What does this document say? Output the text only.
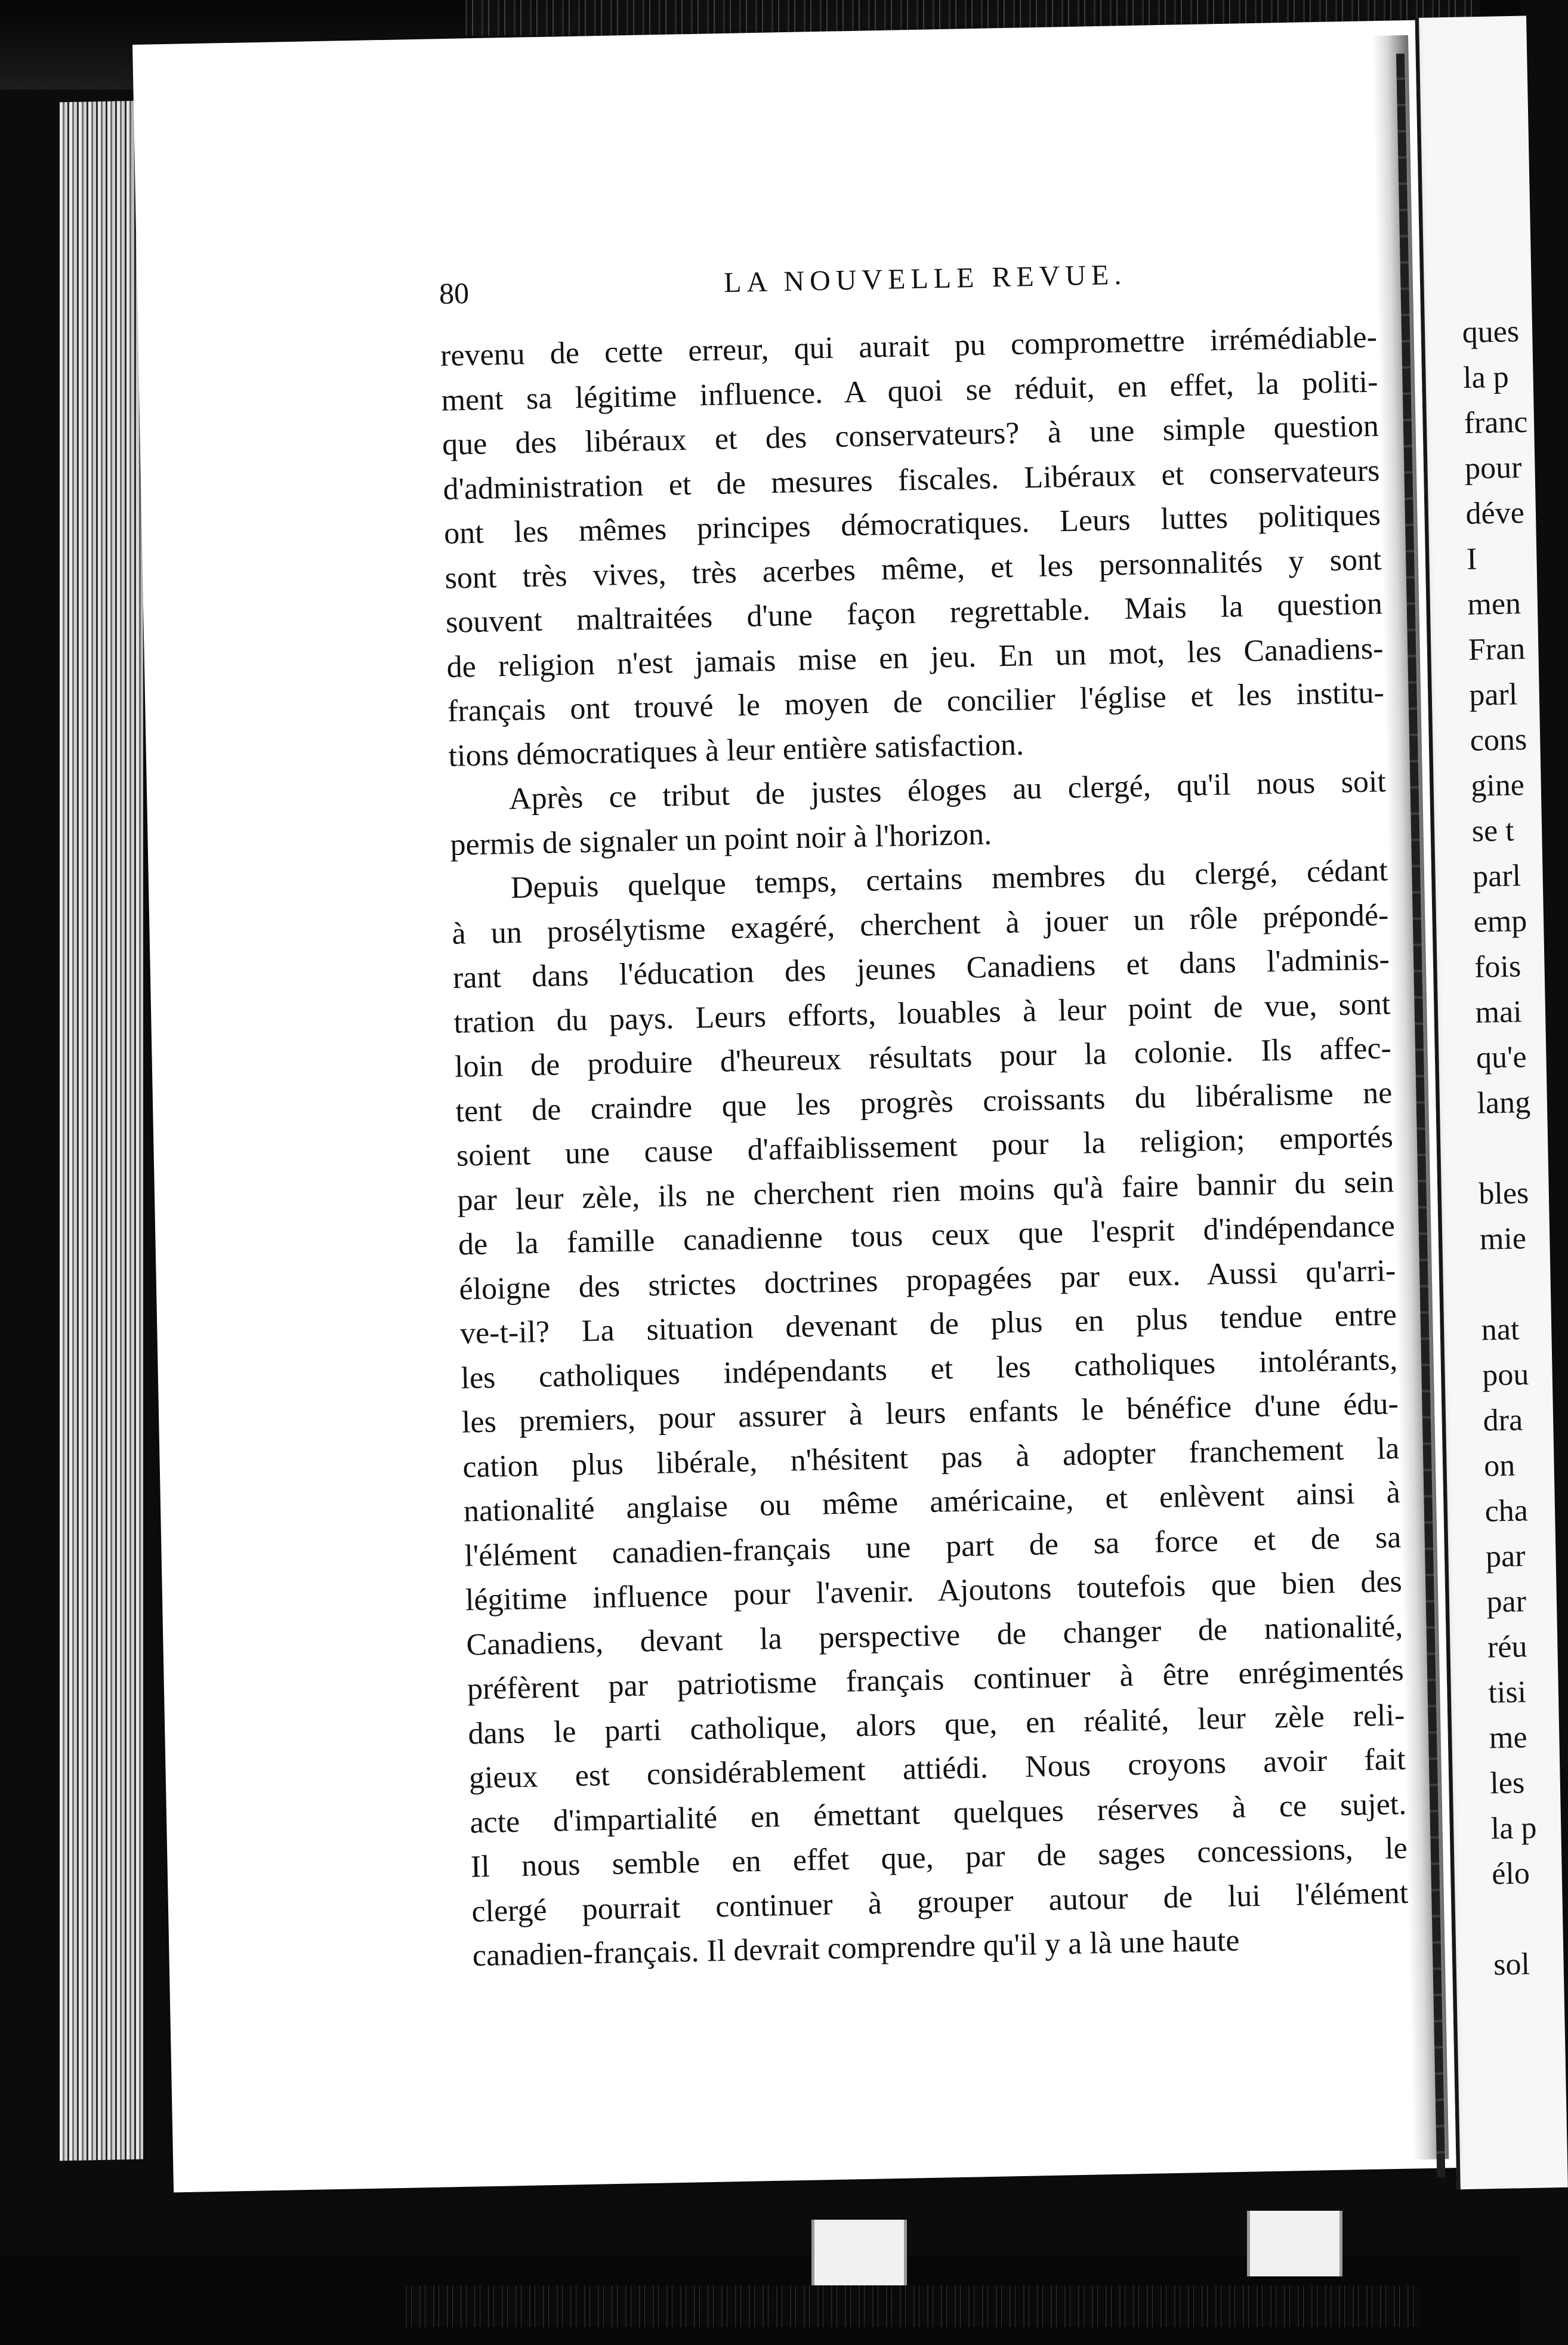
80	LA NOUVELLE REVUE.
revenu de cette erreur, qui aurait pu compromettre irrémédiable-
ment sa légitime influence. A quoi se réduit, en effet, la politi-
que des libéraux et des conservateurs? à une simple question
d'administration et de mesures fiscales. Libéraux et conservateurs
ont les mêmes principes démocratiques. Leurs luttes politiques
sont très vives, très acerbes même, et les personnalités y sont
souvent maltraitées d'une façon regrettable. Mais la question
de religion n'est jamais mise en jeu. En un mot, les Canadiens-
français ont trouvé le moyen de concilier l'église et les institu-
tions démocratiques à leur entière satisfaction.
Après ce tribut de justes éloges au clergé, qu'il nous soit
permis de signaler un point noir à l'horizon.
Depuis quelque temps, certains membres du clergé, cédant
à un prosélytisme exagéré, cherchent à jouer un rôle prépondé-
rant dans l'éducation des jeunes Canadiens et dans l'adminis-
tration du pays. Leurs efforts, louables à leur point de vue, sont
loin de produire d'heureux résultats pour la colonie. Ils affec-
tent de craindre que les progrès croissants du libéralisme ne
soient une cause d'affaiblissement pour la religion; emportés
par leur zèle, ils ne cherchent rien moins qu'à faire bannir du sein
de la famille canadienne tous ceux que l'esprit d'indépendance
éloigne des strictes doctrines propagées par eux. Aussi qu'arri-
ve-t-il? La situation devenant de plus en plus tendue entre
les catholiques indépendants et les catholiques intolérants,
les premiers, pour assurer à leurs enfants le bénéfice d'une édu-
cation plus libérale, n'hésitent pas à adopter franchement la
nationalité anglaise ou même américaine, et enlèvent ainsi à
l'élément canadien-français une part de sa force et de sa
légitime influence pour l'avenir. Ajoutons toutefois que bien des
Canadiens, devant la perspective de changer de nationalité,
préfèrent par patriotisme français continuer à être enrégimentés
dans le parti catholique, alors que, en réalité, leur zèle reli-
gieux est considérablement attiédi. Nous croyons avoir fait
acte d'impartialité en émettant quelques réserves à ce sujet.
Il nous semble en effet que, par de sages concessions, le
clergé pourrait continuer à grouper autour de lui l'élément
canadien-français. Il devrait comprendre qu'il y a là une haute
ques
la p
franc
pour
déve
I
men
Fran
parl
cons
gine
se t
parl
emp
fois
mai
qu'e
lang
bles
mie
nat
pou
dra
on
cha
par
par
réu
tisi
me
les
la p
élo
sol
